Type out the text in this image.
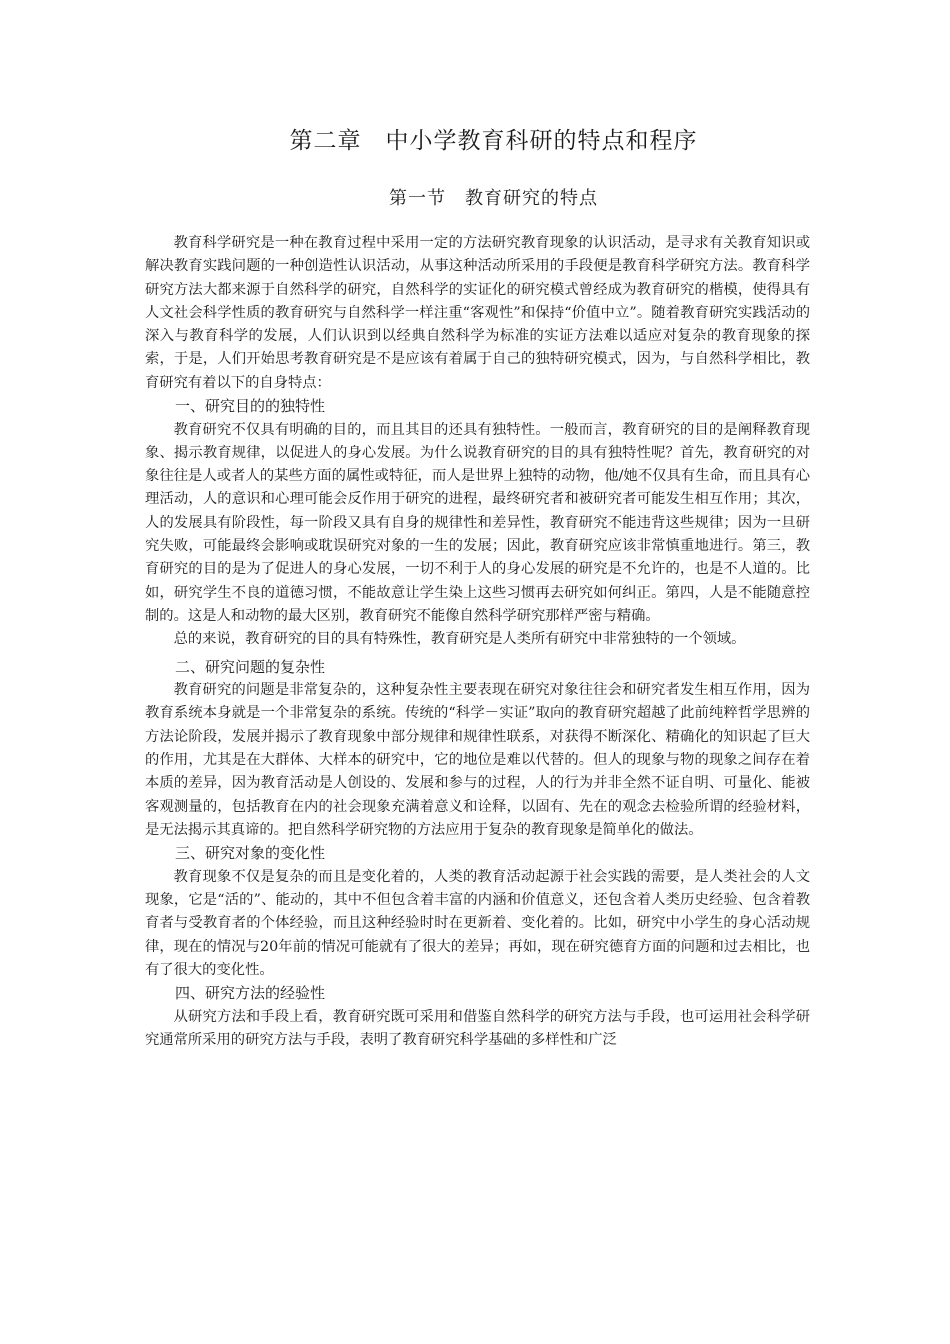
第二章　中小学教育科研的特点和程序
第一节　教育研究的特点

教育科学研究是一种在教育过程中采用一定的方法研究教育现象的认识活动，是寻求有关教育知识或解决教育实践问题的一种创造性认识活动，从事这种活动所采用的手段便是教育科学研究方法。教育科学研究方法大都来源于自然科学的研究，自然科学的实证化的研究模式曾经成为教育研究的楷模，使得具有人文社会科学性质的教育研究与自然科学一样注重“客观性”和保持“价值中立”。随着教育研究实践活动的深入与教育科学的发展，人们认识到以经典自然科学为标准的实证方法难以适应对复杂的教育现象的探索，于是，人们开始思考教育研究是不是应该有着属于自己的独特研究模式，因为，与自然科学相比，教育研究有着以下的自身特点：

一、研究目的的独特性

教育研究不仅具有明确的目的，而且其目的还具有独特性。一般而言，教育研究的目的是阐释教育现象、揭示教育规律，以促进人的身心发展。为什么说教育研究的目的具有独特性呢？首先，教育研究的对象往往是人或者人的某些方面的属性或特征，而人是世界上独特的动物，他/她不仅具有生命，而且具有心理活动，人的意识和心理可能会反作用于研究的进程，最终研究者和被研究者可能发生相互作用；其次，人的发展具有阶段性，每一阶段又具有自身的规律性和差异性，教育研究不能违背这些规律；因为一旦研究失败，可能最终会影响或耽误研究对象的一生的发展；因此，教育研究应该非常慎重地进行。第三，教育研究的目的是为了促进人的身心发展，一切不利于人的身心发展的研究是不允许的，也是不人道的。比如，研究学生不良的道德习惯，不能故意让学生染上这些习惯再去研究如何纠正。第四，人是不能随意控制的。这是人和动物的最大区别，教育研究不能像自然科学研究那样严密与精确。

总的来说，教育研究的目的具有特殊性，教育研究是人类所有研究中非常独特的一个领域。

二、研究问题的复杂性

教育研究的问题是非常复杂的，这种复杂性主要表现在研究对象往往会和研究者发生相互作用，因为教育系统本身就是一个非常复杂的系统。传统的“科学－实证”取向的教育研究超越了此前纯粹哲学思辨的方法论阶段，发展并揭示了教育现象中部分规律和规律性联系，对获得不断深化、精确化的知识起了巨大的作用，尤其是在大群体、大样本的研究中，它的地位是难以代替的。但人的现象与物的现象之间存在着本质的差异，因为教育活动是人创设的、发展和参与的过程，人的行为并非全然不证自明、可量化、能被客观测量的，包括教育在内的社会现象充满着意义和诠释，以固有、先在的观念去检验所谓的经验材料，是无法揭示其真谛的。把自然科学研究物的方法应用于复杂的教育现象是简单化的做法。

三、研究对象的变化性

教育现象不仅是复杂的而且是变化着的，人类的教育活动起源于社会实践的需要，是人类社会的人文现象，它是“活的”、能动的，其中不但包含着丰富的内涵和价值意义，还包含着人类历史经验、包含着教育者与受教育者的个体经验，而且这种经验时时在更新着、变化着的。比如，研究中小学生的身心活动规律，现在的情况与20年前的情况可能就有了很大的差异；再如，现在研究德育方面的问题和过去相比，也有了很大的变化性。

四、研究方法的经验性

从研究方法和手段上看，教育研究既可采用和借鉴自然科学的研究方法与手段，也可运用社会科学研究通常所采用的研究方法与手段，表明了教育研究科学基础的多样性和广泛
